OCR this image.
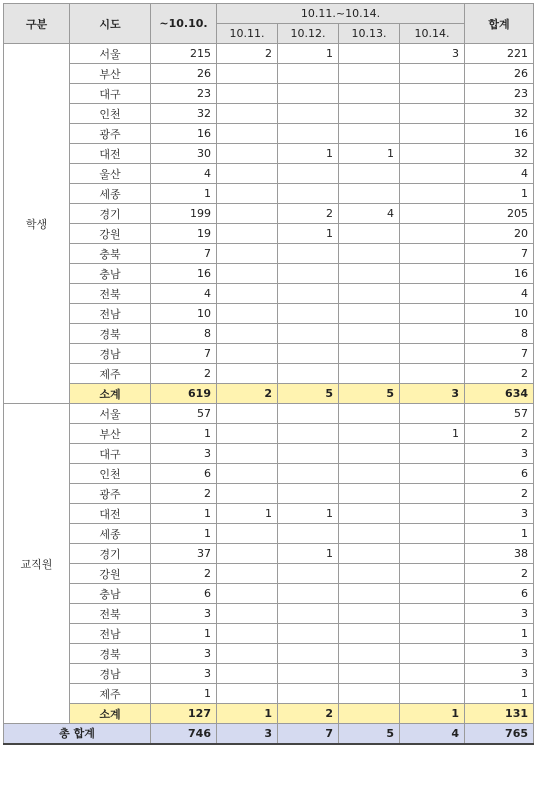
구분	시도	~10.10.	10.11.~10.14.				합계
			10.11.	10.12.	10.13.	10.14.	
학생	서울	215	2	1		3	221
	부산	26					26
	대구	23					23
	인천	32					32
	광주	16					16
	대전	30		1	1		32
	울산	4					4
	세종	1					1
	경기	199		2	4		205
	강원	19		1			20
	충북	7					7
	충남	16					16
	전북	4					4
	전남	10					10
	경북	8					8
	경남	7					7
	제주	2					2
	소계	619	2	5	5	3	634
교직원	서울	57					57
	부산	1				1	2
	대구	3					3
	인천	6					6
	광주	2					2
	대전	1	1	1			3
	세종	1					1
	경기	37		1			38
	강원	2					2
	충남	6					6
	전북	3					3
	전남	1					1
	경북	3					3
	경남	3					3
	제주	1					1
	소계	127	1	2		1	131
총 합계		746	3	7	5	4	765
